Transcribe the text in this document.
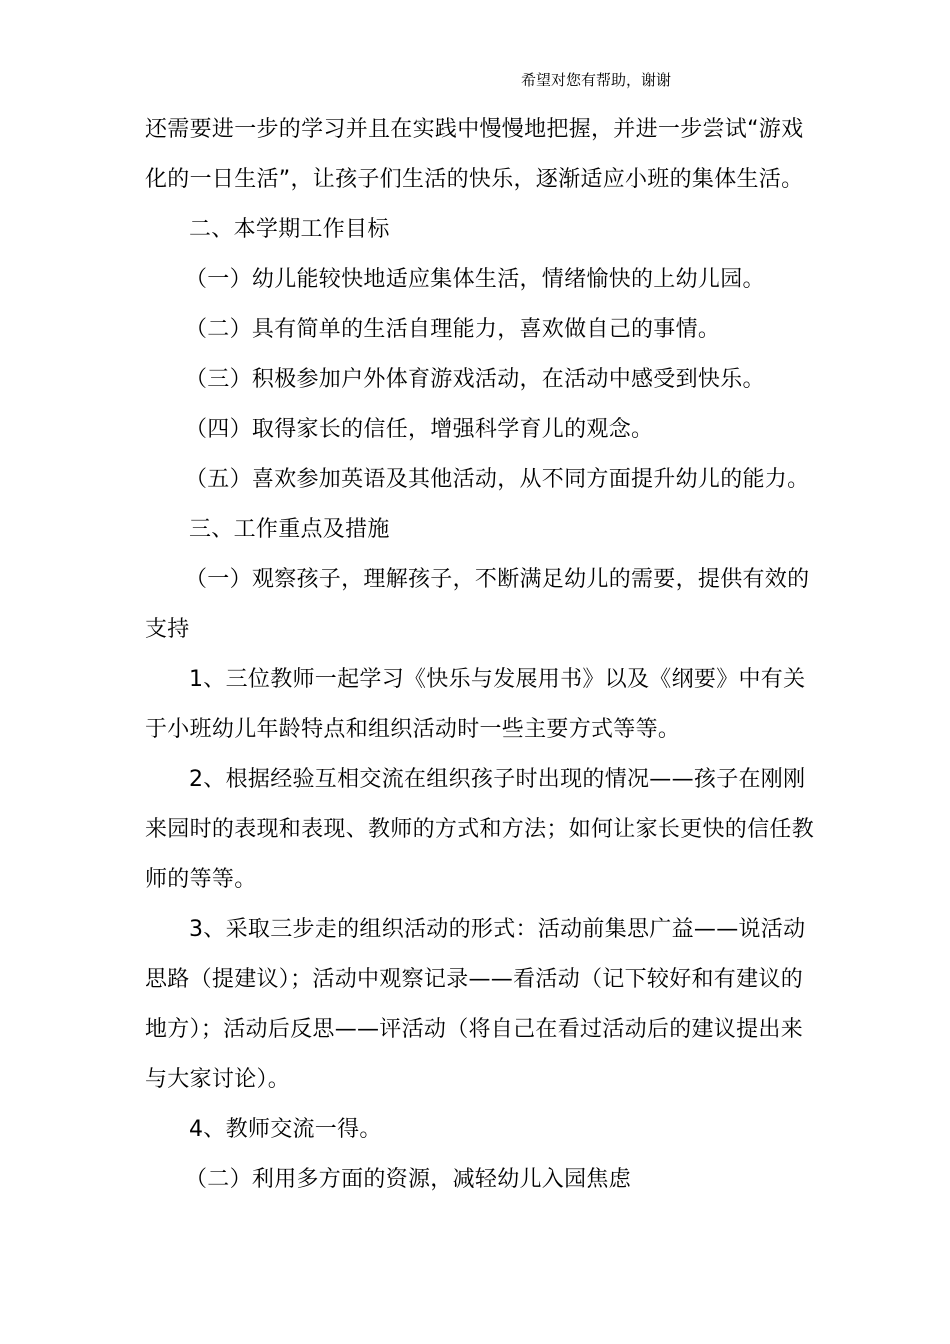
希望对您有帮助，谢谢

还需要进一步的学习并且在实践中慢慢地把握，并进一步尝试“游戏

化的一日生活”，让孩子们生活的快乐，逐渐适应小班的集体生活。

二、本学期工作目标

（一）幼儿能较快地适应集体生活，情绪愉快的上幼儿园。

（二）具有简单的生活自理能力，喜欢做自己的事情。

（三）积极参加户外体育游戏活动，在活动中感受到快乐。

（四）取得家长的信任，增强科学育儿的观念。

（五）喜欢参加英语及其他活动，从不同方面提升幼儿的能力。

三、工作重点及措施

（一）观察孩子，理解孩子，不断满足幼儿的需要，提供有效的

支持

1、三位教师一起学习《快乐与发展用书》以及《纲要》中有关

于小班幼儿年龄特点和组织活动时一些主要方式等等。

2、根据经验互相交流在组织孩子时出现的情况——孩子在刚刚

来园时的表现和表现、教师的方式和方法；如何让家长更快的信任教

师的等等。

3、采取三步走的组织活动的形式：活动前集思广益——说活动

思路（提建议）；活动中观察记录——看活动（记下较好和有建议的

地方）；活动后反思——评活动（将自己在看过活动后的建议提出来

与大家讨论）。

4、教师交流一得。

（二）利用多方面的资源，减轻幼儿入园焦虑
